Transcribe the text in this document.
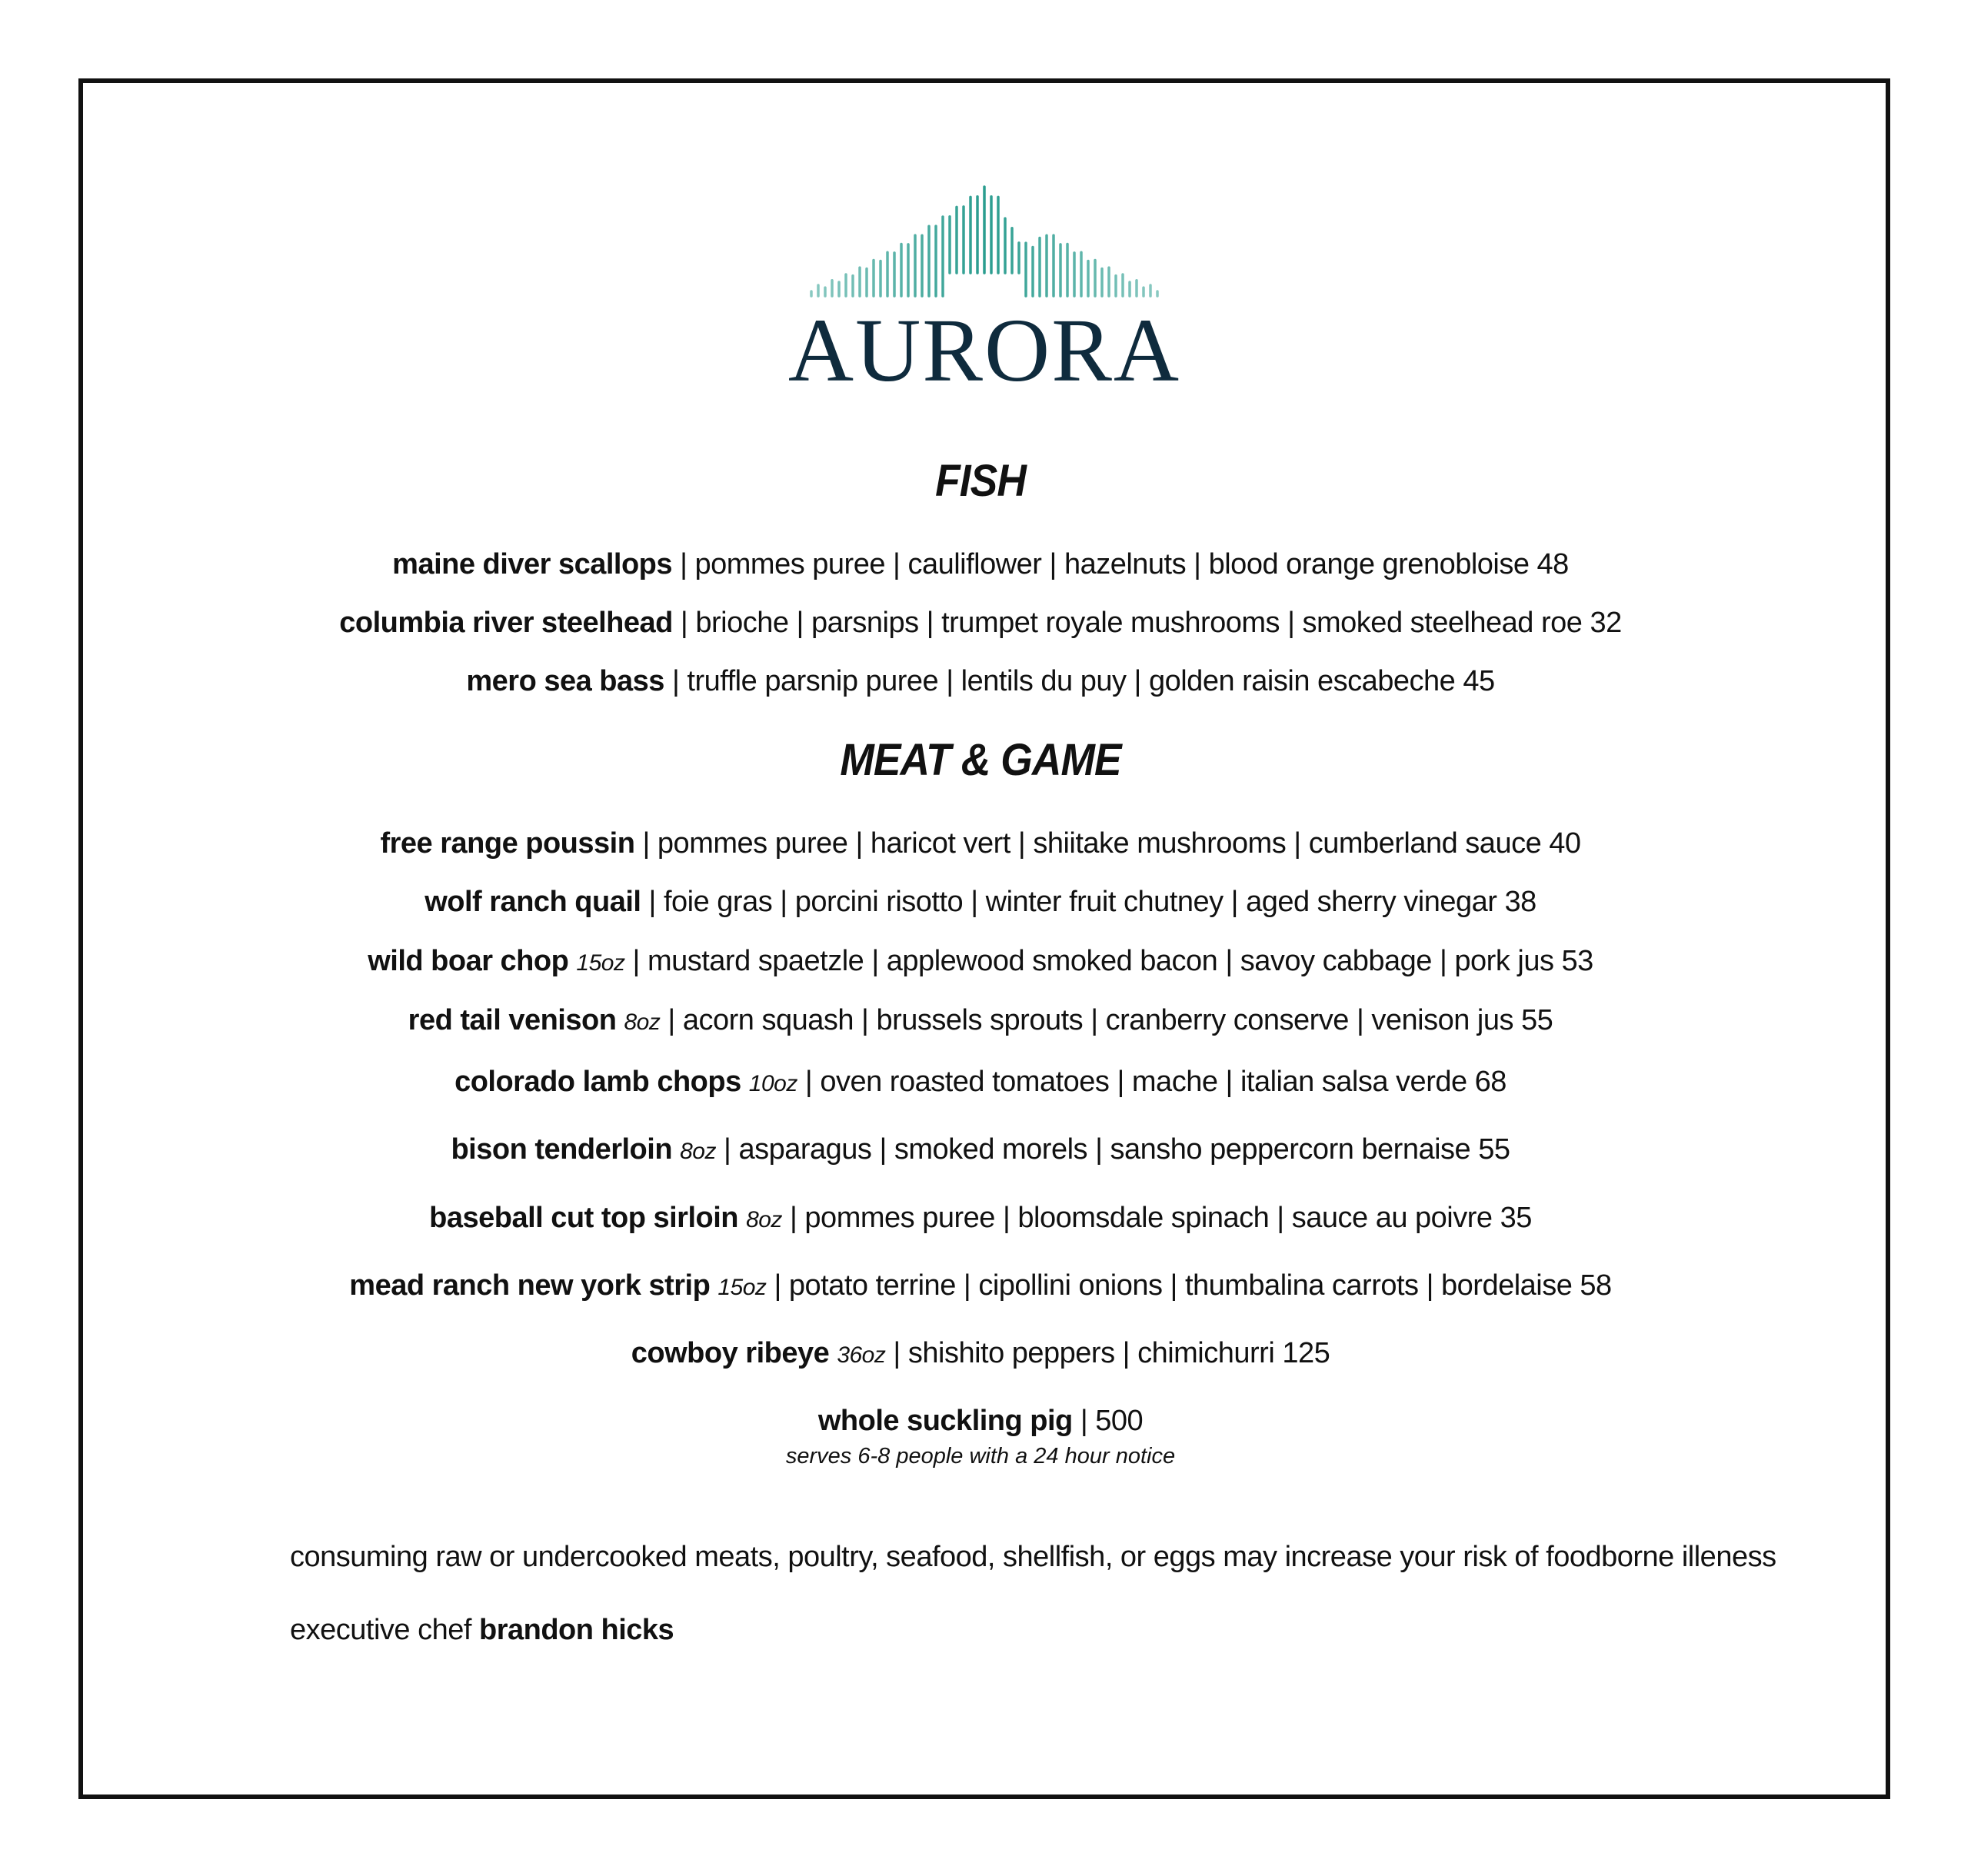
AURORA
FISH
maine diver scallops | pommes puree | cauliflower | hazelnuts | blood orange grenobloise 48
columbia river steelhead | brioche | parsnips | trumpet royale mushrooms | smoked steelhead roe 32
mero sea bass | truffle parsnip puree | lentils du puy | golden raisin escabeche 45
MEAT & GAME
free range poussin | pommes puree | haricot vert | shiitake mushrooms | cumberland sauce 40
wolf ranch quail | foie gras | porcini risotto | winter fruit chutney | aged sherry vinegar 38
wild boar chop 15oz | mustard spaetzle | applewood smoked bacon | savoy cabbage | pork jus 53
red tail venison 8oz | acorn squash | brussels sprouts | cranberry conserve | venison jus 55
colorado lamb chops 10oz | oven roasted tomatoes | mache | italian salsa verde 68
bison tenderloin 8oz | asparagus | smoked morels | sansho peppercorn bernaise 55
baseball cut top sirloin 8oz | pommes puree | bloomsdale spinach | sauce au poivre 35
mead ranch new york strip 15oz | potato terrine | cipollini onions | thumbalina carrots | bordelaise 58
cowboy ribeye 36oz | shishito peppers | chimichurri 125
whole suckling pig | 500
serves 6-8 people with a 24 hour notice
consuming raw or undercooked meats, poultry, seafood, shellfish, or eggs may increase your risk of foodborne illeness
executive chef brandon hicks
